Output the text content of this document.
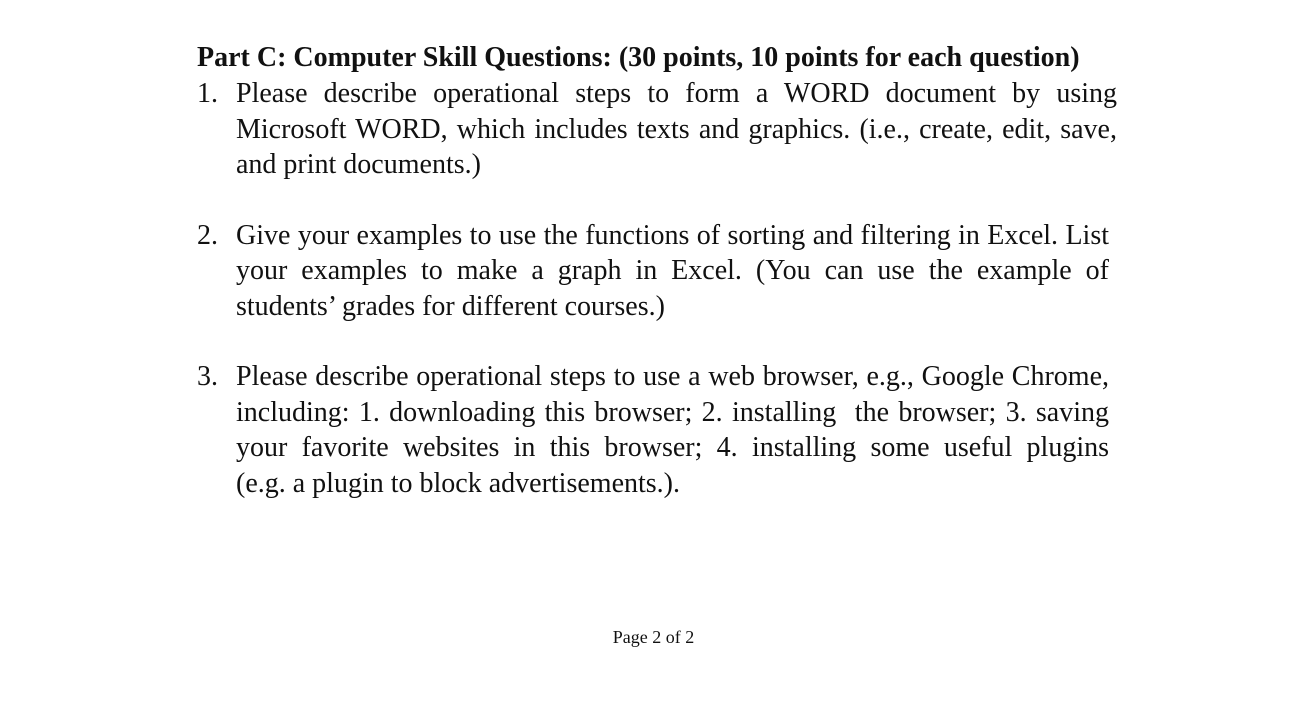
Part C: Computer Skill Questions: (30 points, 10 points for each question)

1. Please describe operational steps to form a WORD document by using Microsoft WORD, which includes texts and graphics. (i.e., create, edit, save, and print documents.)
2. Give your examples to use the functions of sorting and filtering in Excel. List your examples to make a graph in Excel. (You can use the example of students’ grades for different courses.)
3. Please describe operational steps to use a web browser, e.g., Google Chrome, including: 1. downloading this browser; 2. installing  the browser; 3. saving your favorite websites in this browser; 4. installing some useful plugins    (e.g. a plugin to block advertisements.).
Page 2 of 2
